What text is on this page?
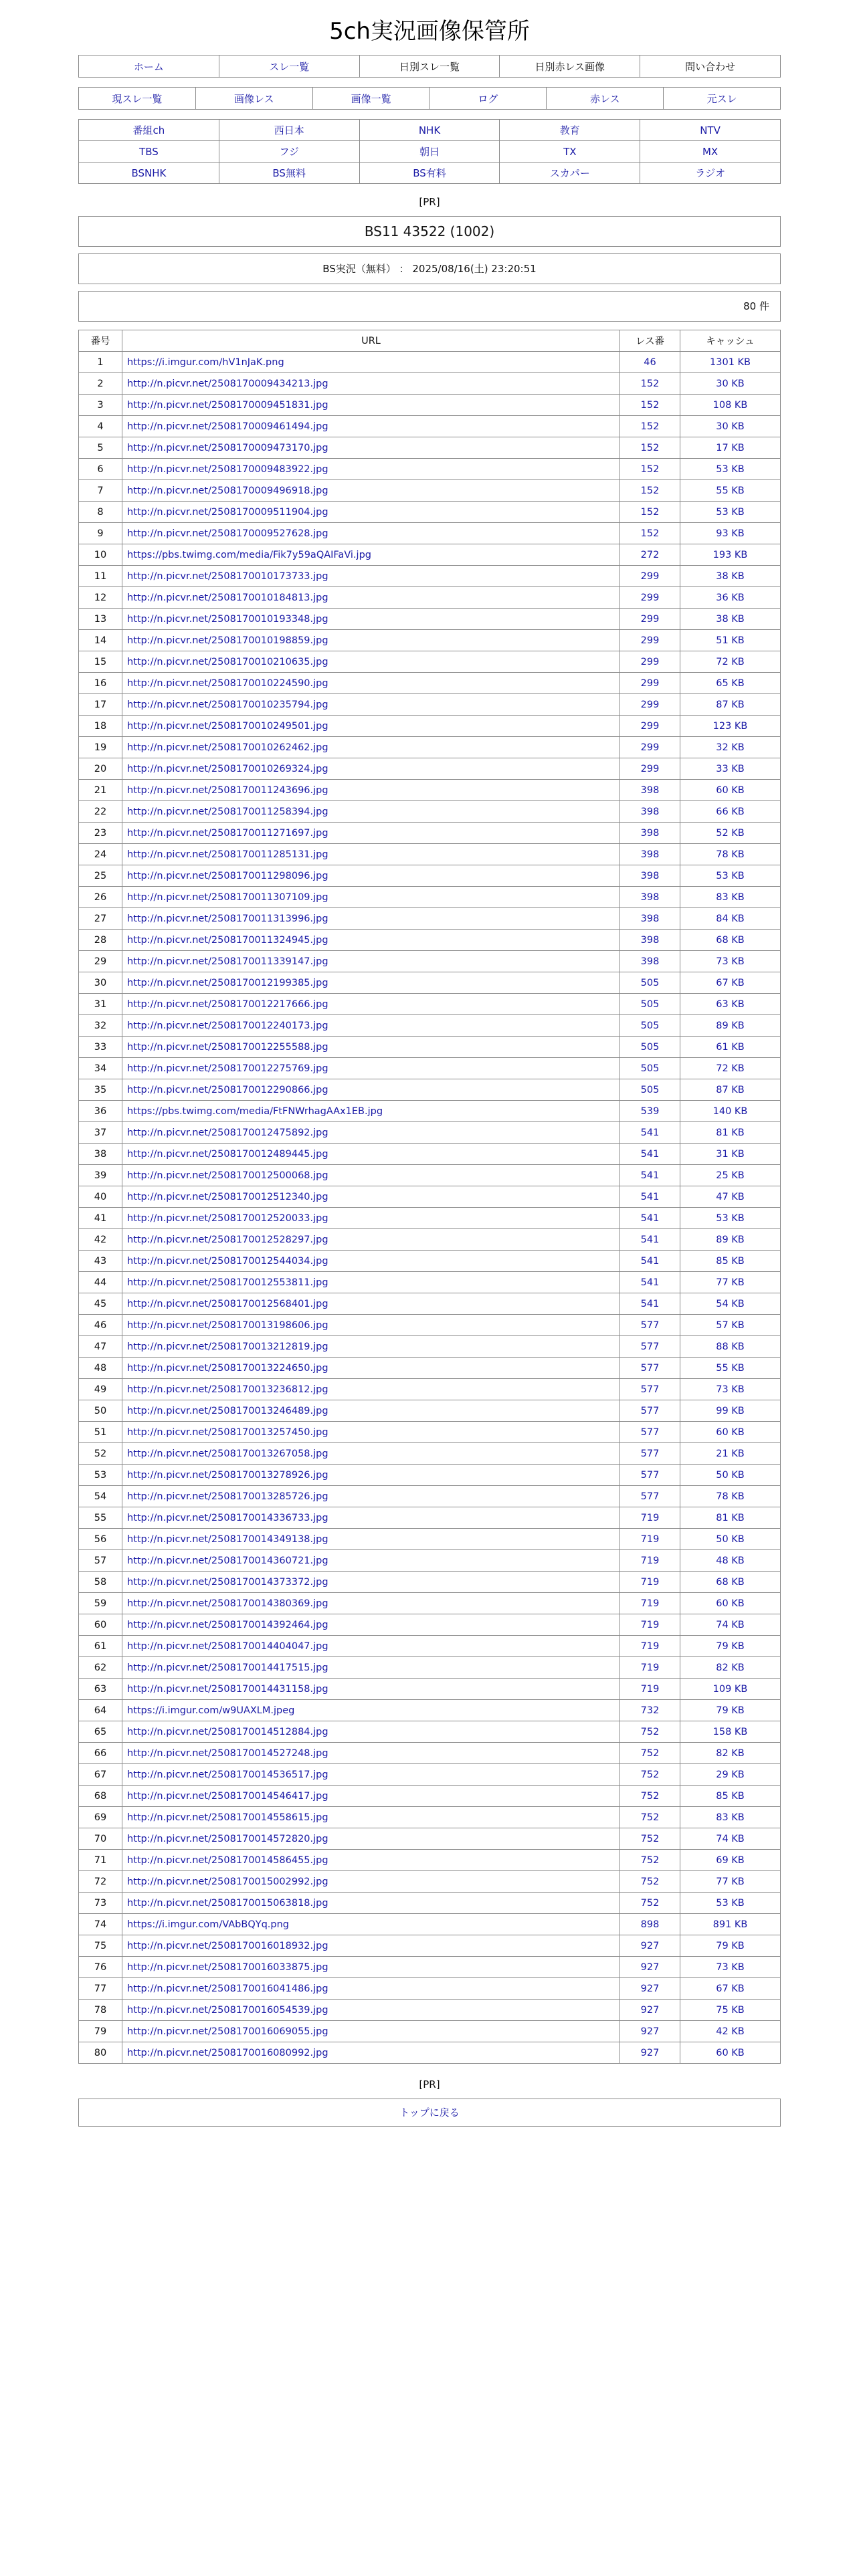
5ch実況画像保管所
ホーム	スレ一覧	日別スレ一覧	日別赤レス画像	問い合わせ
現スレ一覧	画像レス	画像一覧	ログ	赤レス	元スレ
番組ch	西日本	NHK	教育	NTV
TBS	フジ	朝日	TX	MX
BSNHK	BS無料	BS有料	スカパー	ラジオ
[PR]
BS11 43522 (1002)
BS実況（無料） ： 2025/08/16(土) 23:20:51
80 件
番号	URL	レス番	キャッシュ
1	https://i.imgur.com/hV1nJaK.png	46	1301 KB
2	http://n.picvr.net/2508170009434213.jpg	152	30 KB
3	http://n.picvr.net/2508170009451831.jpg	152	108 KB
4	http://n.picvr.net/2508170009461494.jpg	152	30 KB
5	http://n.picvr.net/2508170009473170.jpg	152	17 KB
6	http://n.picvr.net/2508170009483922.jpg	152	53 KB
7	http://n.picvr.net/2508170009496918.jpg	152	55 KB
8	http://n.picvr.net/2508170009511904.jpg	152	53 KB
9	http://n.picvr.net/2508170009527628.jpg	152	93 KB
10	https://pbs.twimg.com/media/Fik7y59aQAIFaVi.jpg	272	193 KB
11	http://n.picvr.net/2508170010173733.jpg	299	38 KB
12	http://n.picvr.net/2508170010184813.jpg	299	36 KB
13	http://n.picvr.net/2508170010193348.jpg	299	38 KB
14	http://n.picvr.net/2508170010198859.jpg	299	51 KB
15	http://n.picvr.net/2508170010210635.jpg	299	72 KB
16	http://n.picvr.net/2508170010224590.jpg	299	65 KB
17	http://n.picvr.net/2508170010235794.jpg	299	87 KB
18	http://n.picvr.net/2508170010249501.jpg	299	123 KB
19	http://n.picvr.net/2508170010262462.jpg	299	32 KB
20	http://n.picvr.net/2508170010269324.jpg	299	33 KB
21	http://n.picvr.net/2508170011243696.jpg	398	60 KB
22	http://n.picvr.net/2508170011258394.jpg	398	66 KB
23	http://n.picvr.net/2508170011271697.jpg	398	52 KB
24	http://n.picvr.net/2508170011285131.jpg	398	78 KB
25	http://n.picvr.net/2508170011298096.jpg	398	53 KB
26	http://n.picvr.net/2508170011307109.jpg	398	83 KB
27	http://n.picvr.net/2508170011313996.jpg	398	84 KB
28	http://n.picvr.net/2508170011324945.jpg	398	68 KB
29	http://n.picvr.net/2508170011339147.jpg	398	73 KB
30	http://n.picvr.net/2508170012199385.jpg	505	67 KB
31	http://n.picvr.net/2508170012217666.jpg	505	63 KB
32	http://n.picvr.net/2508170012240173.jpg	505	89 KB
33	http://n.picvr.net/2508170012255588.jpg	505	61 KB
34	http://n.picvr.net/2508170012275769.jpg	505	72 KB
35	http://n.picvr.net/2508170012290866.jpg	505	87 KB
36	https://pbs.twimg.com/media/FtFNWrhagAAx1EB.jpg	539	140 KB
37	http://n.picvr.net/2508170012475892.jpg	541	81 KB
38	http://n.picvr.net/2508170012489445.jpg	541	31 KB
39	http://n.picvr.net/2508170012500068.jpg	541	25 KB
40	http://n.picvr.net/2508170012512340.jpg	541	47 KB
41	http://n.picvr.net/2508170012520033.jpg	541	53 KB
42	http://n.picvr.net/2508170012528297.jpg	541	89 KB
43	http://n.picvr.net/2508170012544034.jpg	541	85 KB
44	http://n.picvr.net/2508170012553811.jpg	541	77 KB
45	http://n.picvr.net/2508170012568401.jpg	541	54 KB
46	http://n.picvr.net/2508170013198606.jpg	577	57 KB
47	http://n.picvr.net/2508170013212819.jpg	577	88 KB
48	http://n.picvr.net/2508170013224650.jpg	577	55 KB
49	http://n.picvr.net/2508170013236812.jpg	577	73 KB
50	http://n.picvr.net/2508170013246489.jpg	577	99 KB
51	http://n.picvr.net/2508170013257450.jpg	577	60 KB
52	http://n.picvr.net/2508170013267058.jpg	577	21 KB
53	http://n.picvr.net/2508170013278926.jpg	577	50 KB
54	http://n.picvr.net/2508170013285726.jpg	577	78 KB
55	http://n.picvr.net/2508170014336733.jpg	719	81 KB
56	http://n.picvr.net/2508170014349138.jpg	719	50 KB
57	http://n.picvr.net/2508170014360721.jpg	719	48 KB
58	http://n.picvr.net/2508170014373372.jpg	719	68 KB
59	http://n.picvr.net/2508170014380369.jpg	719	60 KB
60	http://n.picvr.net/2508170014392464.jpg	719	74 KB
61	http://n.picvr.net/2508170014404047.jpg	719	79 KB
62	http://n.picvr.net/2508170014417515.jpg	719	82 KB
63	http://n.picvr.net/2508170014431158.jpg	719	109 KB
64	https://i.imgur.com/w9UAXLM.jpeg	732	79 KB
65	http://n.picvr.net/2508170014512884.jpg	752	158 KB
66	http://n.picvr.net/2508170014527248.jpg	752	82 KB
67	http://n.picvr.net/2508170014536517.jpg	752	29 KB
68	http://n.picvr.net/2508170014546417.jpg	752	85 KB
69	http://n.picvr.net/2508170014558615.jpg	752	83 KB
70	http://n.picvr.net/2508170014572820.jpg	752	74 KB
71	http://n.picvr.net/2508170014586455.jpg	752	69 KB
72	http://n.picvr.net/2508170015002992.jpg	752	77 KB
73	http://n.picvr.net/2508170015063818.jpg	752	53 KB
74	https://i.imgur.com/VAbBQYq.png	898	891 KB
75	http://n.picvr.net/2508170016018932.jpg	927	79 KB
76	http://n.picvr.net/2508170016033875.jpg	927	73 KB
77	http://n.picvr.net/2508170016041486.jpg	927	67 KB
78	http://n.picvr.net/2508170016054539.jpg	927	75 KB
79	http://n.picvr.net/2508170016069055.jpg	927	42 KB
80	http://n.picvr.net/2508170016080992.jpg	927	60 KB
[PR]
トップに戻る
